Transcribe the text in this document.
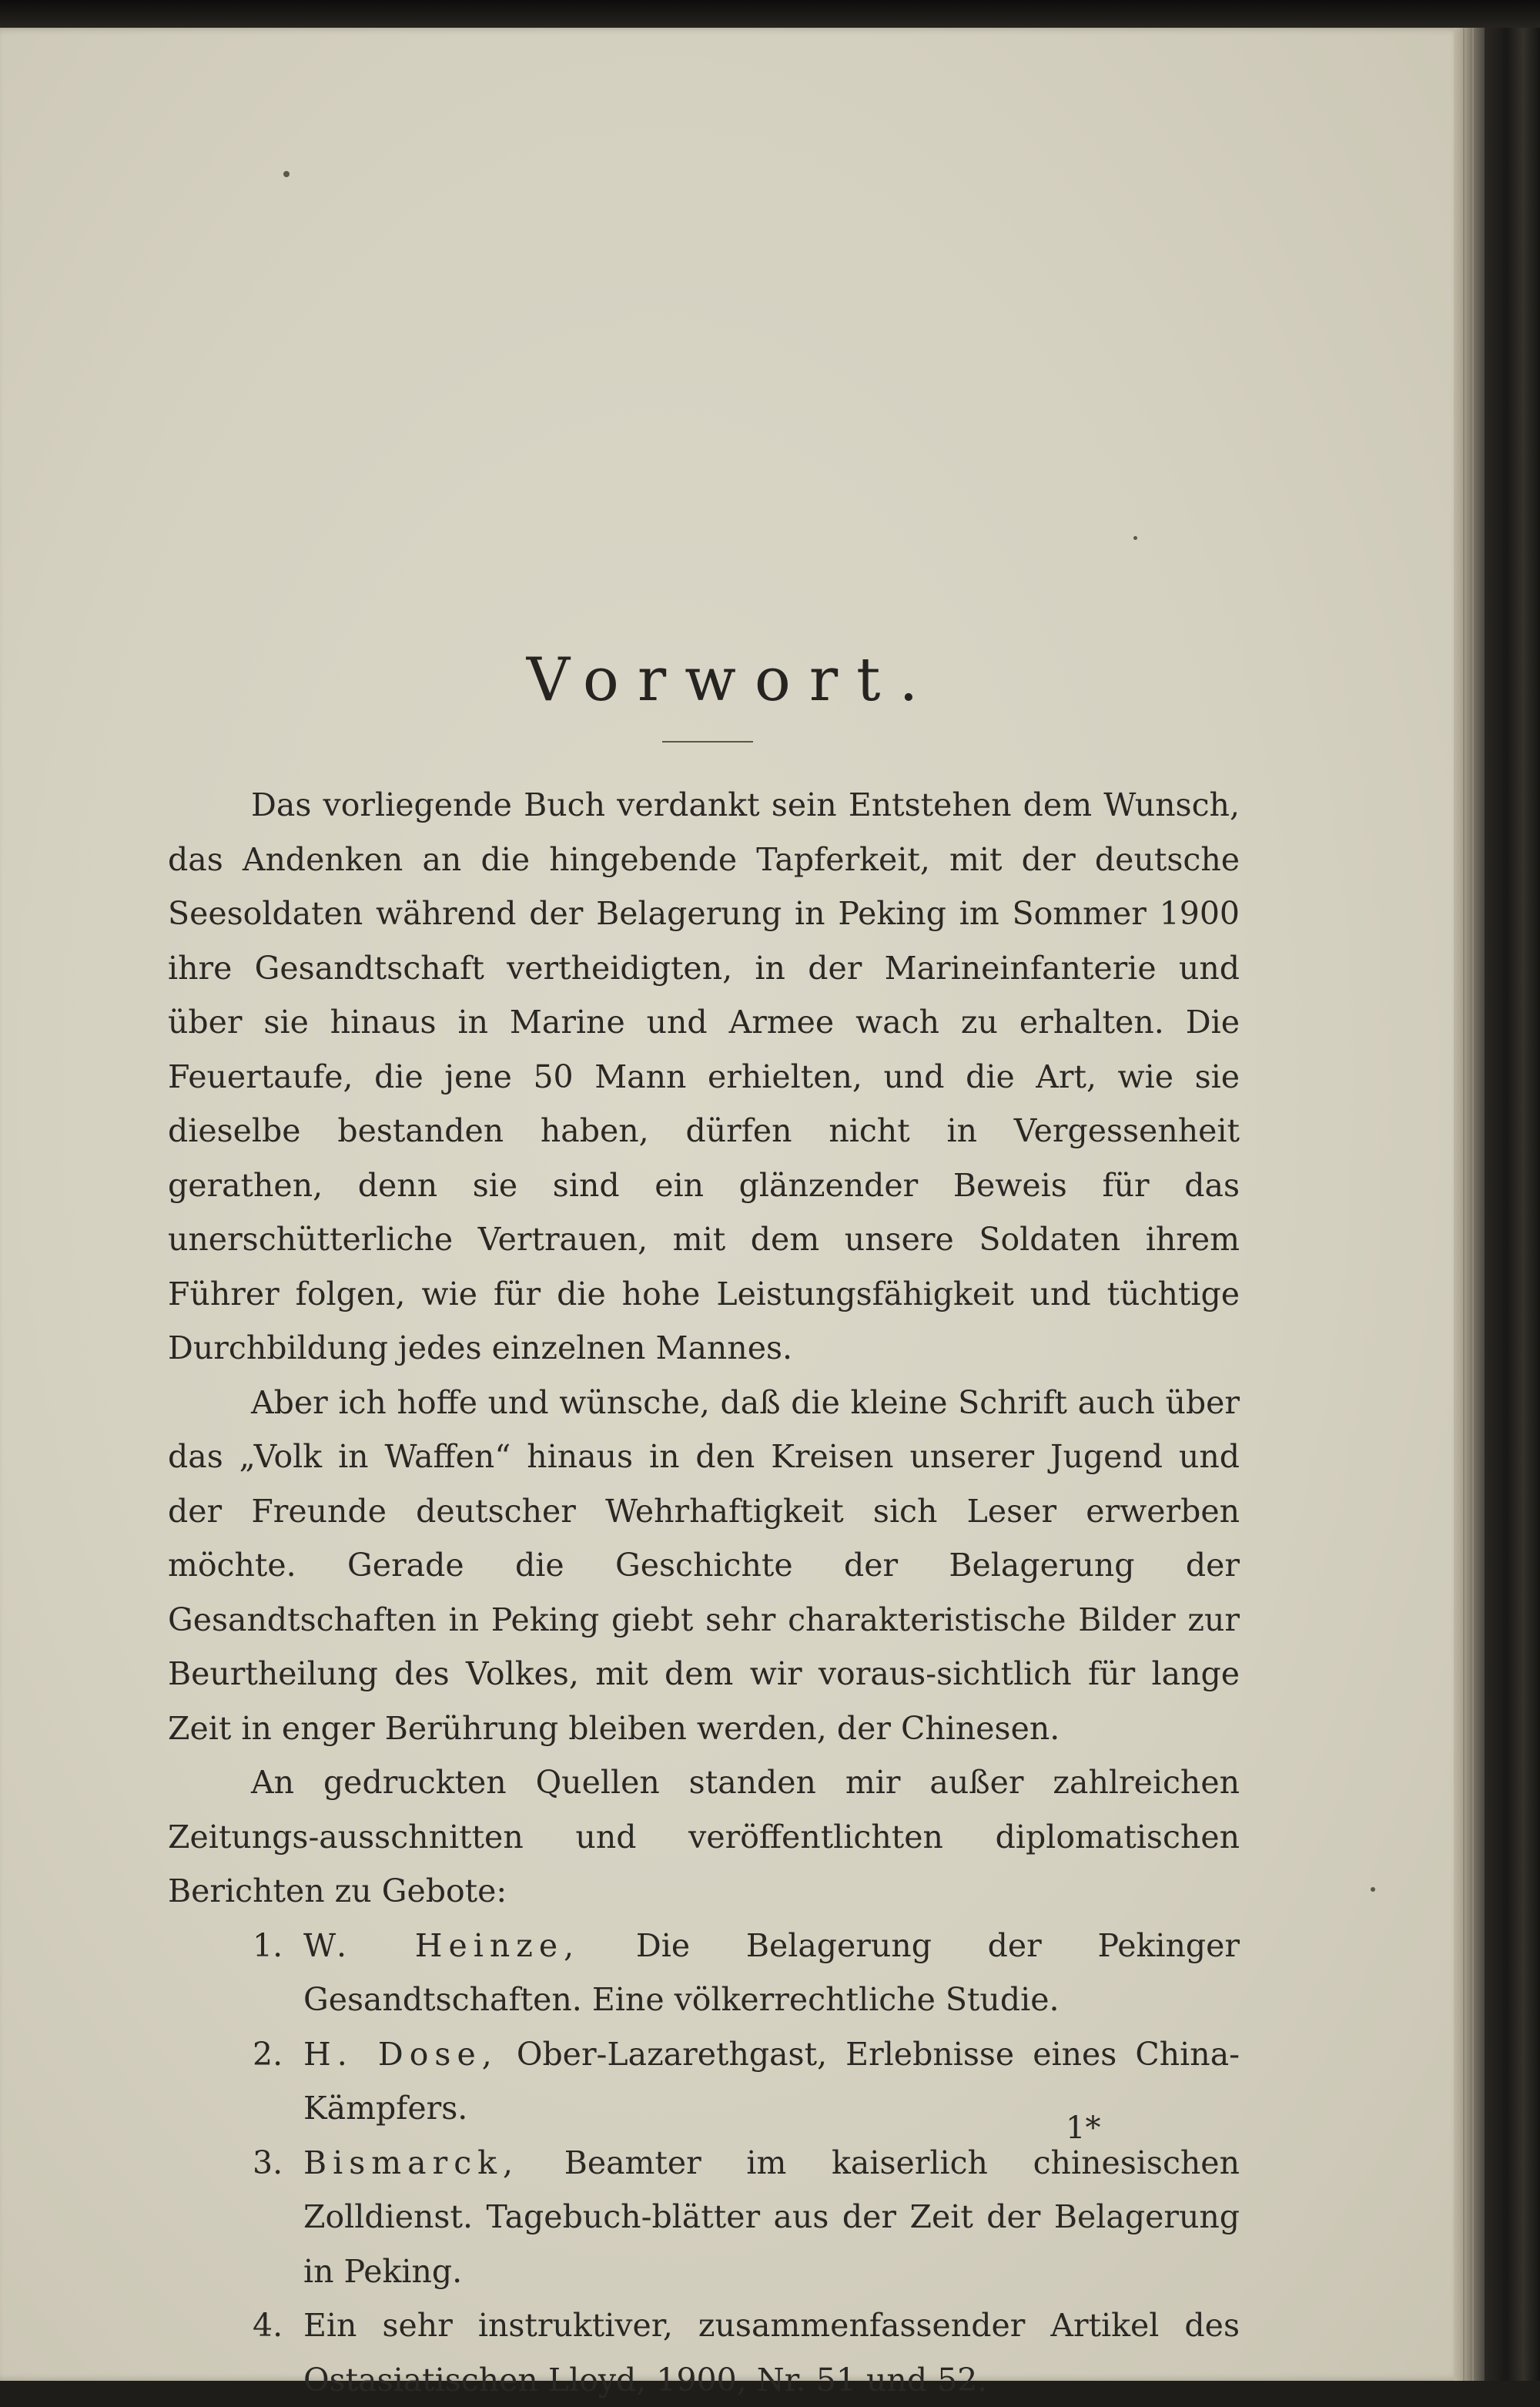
Vorwort.

Das vorliegende Buch verdankt sein Entstehen dem Wunsch, das Andenken an die hingebende Tapferkeit, mit der deutsche Seesoldaten während der Belagerung in Peking im Sommer 1900 ihre Gesandtschaft vertheidigten, in der Marineinfanterie und über sie hinaus in Marine und Armee wach zu erhalten. Die Feuertaufe, die jene 50 Mann erhielten, und die Art, wie sie dieselbe bestanden haben, dürfen nicht in Vergessenheit gerathen, denn sie sind ein glänzender Beweis für das unerschütterliche Vertrauen, mit dem unsere Soldaten ihrem Führer folgen, wie für die hohe Leistungsfähigkeit und tüchtige Durchbildung jedes einzelnen Mannes.

Aber ich hoffe und wünsche, daß die kleine Schrift auch über das „Volk in Waffen“ hinaus in den Kreisen unserer Jugend und der Freunde deutscher Wehrhaftigkeit sich Leser erwerben möchte. Gerade die Geschichte der Belagerung der Gesandtschaften in Peking giebt sehr charakteristische Bilder zur Beurtheilung des Volkes, mit dem wir voraus-sichtlich für lange Zeit in enger Berührung bleiben werden, der Chinesen.

An gedruckten Quellen standen mir außer zahlreichen Zeitungs-ausschnitten und veröffentlichten diplomatischen Berichten zu Gebote:

1. W. Heinze, Die Belagerung der Pekinger Gesandtschaften. Eine völkerrechtliche Studie.
2. H. Dose, Ober-Lazarethgast, Erlebnisse eines China-Kämpfers.
3. Bismarck, Beamter im kaiserlich chinesischen Zolldienst. Tagebuch-blätter aus der Zeit der Belagerung in Peking.
4. Ein sehr instruktiver, zusammenfassender Artikel des Ostasiatischen Lloyd, 1900, Nr. 51 und 52.
1*
